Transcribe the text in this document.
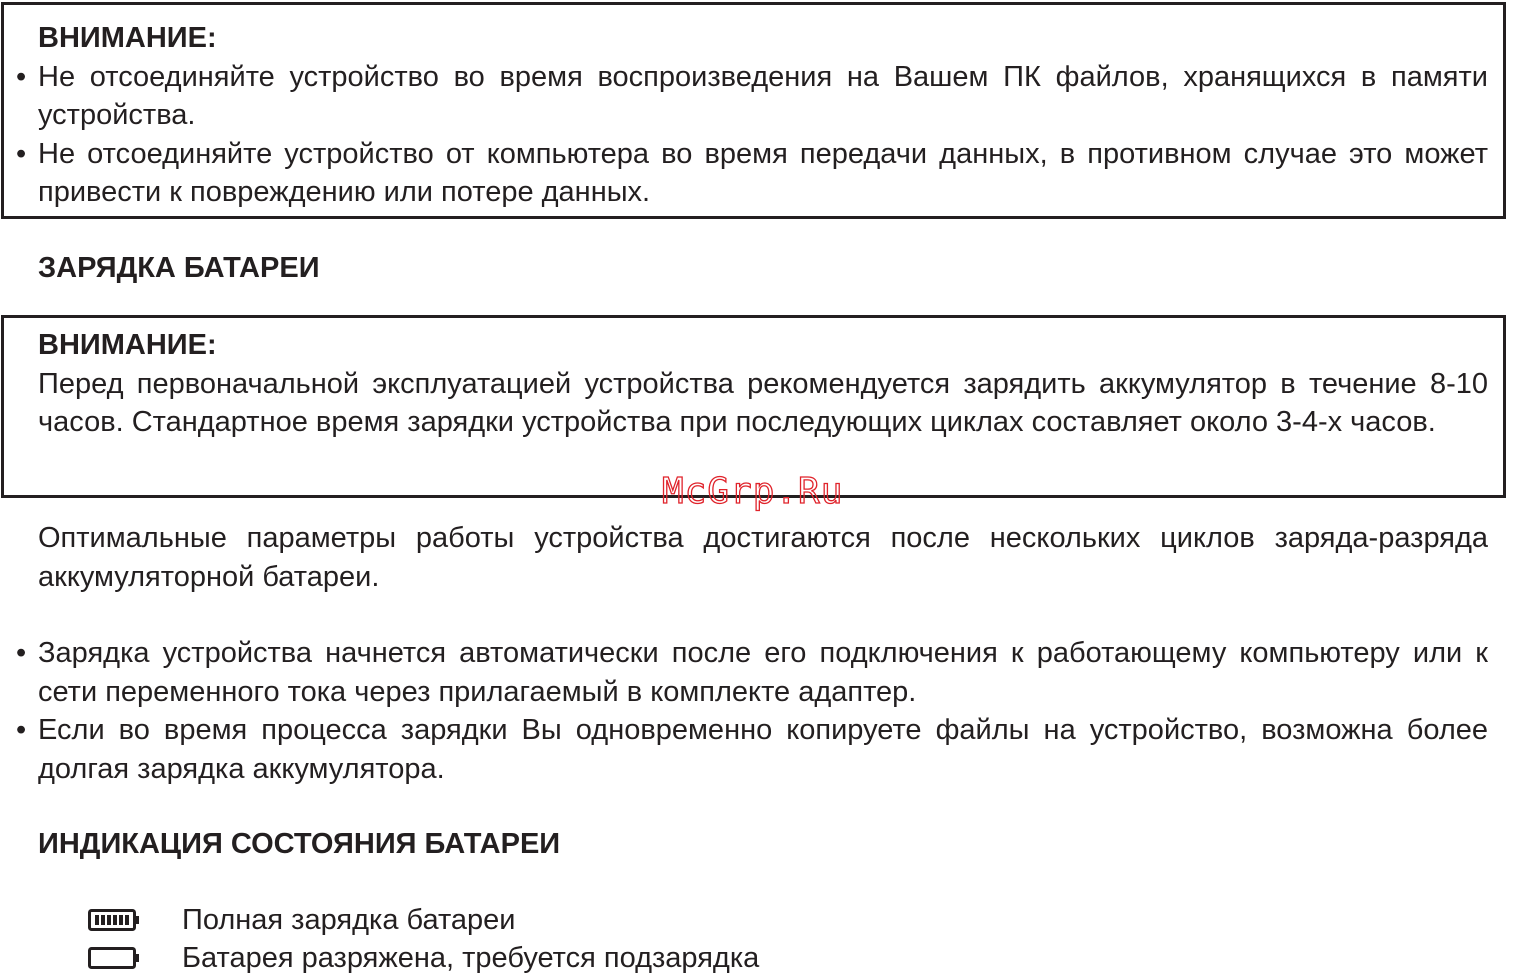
ВНИМАНИЕ:
• Не отсоединяйте устройство во время воспроизведения на Вашем ПК файлов, хранящихся в памяти устройства.
• Не отсоединяйте устройство от компьютера во время передачи данных, в противном случае это может привести к повреждению или потере данных.
ЗАРЯДКА БАТАРЕИ
ВНИМАНИЕ:
Перед первоначальной эксплуатацией устройства рекомендуется зарядить аккумулятор в течение 8-10 часов. Стандартное время зарядки устройства при последующих циклах составляет около 3-4-х часов.
McGrp.Ru
Оптимальные параметры работы устройства достигаются после нескольких циклов заряда-разряда аккумуляторной батареи.
• Зарядка устройства начнется автоматически после его подключения к работающему компьютеру или к сети переменного тока через прилагаемый в комплекте адаптер.
• Если во время процесса зарядки Вы одновременно копируете файлы на устройство, возможна более долгая зарядка аккумулятора.
ИНДИКАЦИЯ СОСТОЯНИЯ БАТАРЕИ
Полная зарядка батареи
Батарея разряжена, требуется подзарядка
